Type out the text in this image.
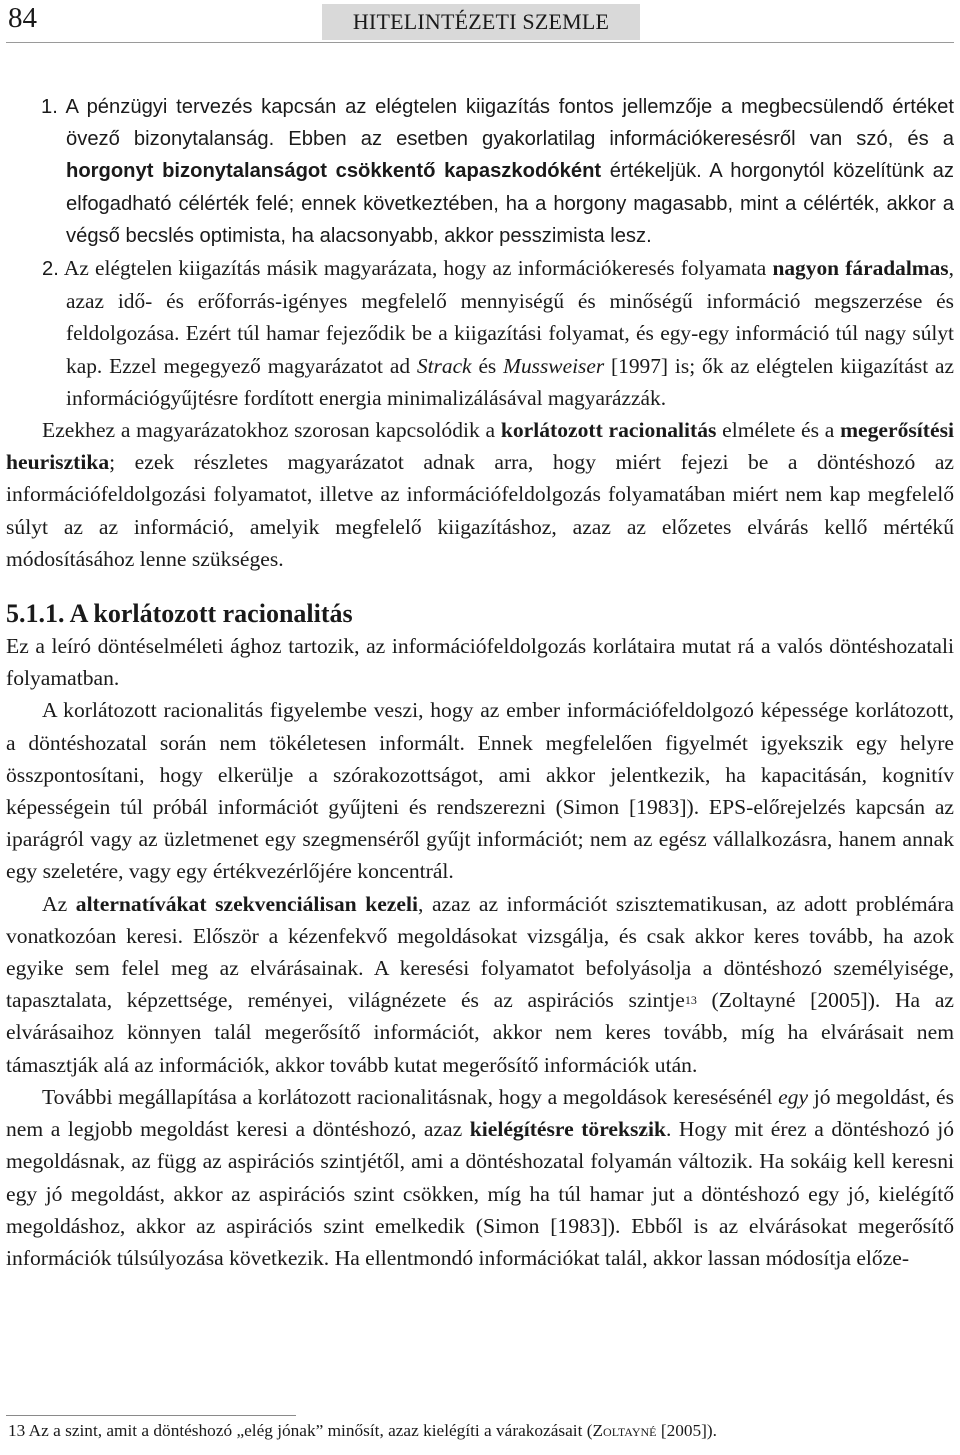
84	HITELINTÉZETI SZEMLE

1. A pénzügyi tervezés kapcsán az elégtelen kiigazítás fontos jellemzője a megbecsülendő értéket övező bizonytalanság. Ebben az esetben gyakorlatilag információkeresésről van szó, és a horgonyt bizonytalanságot csökkentő kapaszkodóként értékeljük. A horgonytól közelítünk az elfogadható célérték felé; ennek következtében, ha a horgony magasabb, mint a célérték, akkor a végső becslés optimista, ha alacsonyabb, akkor pesszimista lesz.

2. Az elégtelen kiigazítás másik magyarázata, hogy az információkeresés folyamata nagyon fáradalmas, azaz idő- és erőforrás-igényes megfelelő mennyiségű és minőségű információ megszerzése és feldolgozása. Ezért túl hamar fejeződik be a kiigazítási folyamat, és egy-egy információ túl nagy súlyt kap. Ezzel megegyező magyarázatot ad Strack és Mussweiser [1997] is; ők az elégtelen kiigazítást az információgyűjtésre fordított energia minimalizálásával magyarázzák.

Ezekhez a magyarázatokhoz szorosan kapcsolódik a korlátozott racionalitás elmélete és a megerősítési heurisztika; ezek részletes magyarázatot adnak arra, hogy miért fejezi be a döntéshozó az információfeldolgozási folyamatot, illetve az információfeldolgozás folyamatában miért nem kap megfelelő súlyt az az információ, amelyik megfelelő kiigazításhoz, azaz az előzetes elvárás kellő mértékű módosításához lenne szükséges.

5.1.1. A korlátozott racionalitás

Ez a leíró döntéselméleti ághoz tartozik, az információfeldolgozás korlátaira mutat rá a valós döntéshozatali folyamatban.

A korlátozott racionalitás figyelembe veszi, hogy az ember információfeldolgozó képessége korlátozott, a döntéshozatal során nem tökéletesen informált. Ennek megfelelően figyelmét igyekszik egy helyre összpontosítani, hogy elkerülje a szórakozottságot, ami akkor jelentkezik, ha kapacitásán, kognitív képességein túl próbál információt gyűjteni és rendszerezni (Simon [1983]). EPS-előrejelzés kapcsán az iparágról vagy az üzletmenet egy szegmenséről gyűjt információt; nem az egész vállalkozásra, hanem annak egy szeletére, vagy egy értékvezérlőjére koncentrál.

Az alternatívákat szekvenciálisan kezeli, azaz az információt szisztematikusan, az adott problémára vonatkozóan keresi. Először a kézenfekvő megoldásokat vizsgálja, és csak akkor keres tovább, ha azok egyike sem felel meg az elvárásainak. A keresési folyamatot befolyásolja a döntéshozó személyisége, tapasztalata, képzettsége, reményei, világnézete és az aspirációs szintje$^{13}$ (Zoltayné [2005]). Ha az elvárásaihoz könnyen talál megerősítő információt, akkor nem keres tovább, míg ha elvárásait nem támasztják alá az információk, akkor tovább kutat megerősítő információk után.

További megállapítása a korlátozott racionalitásnak, hogy a megoldások keresésénél egy jó megoldást, és nem a legjobb megoldást keresi a döntéshozó, azaz kielégítésre törekszik. Hogy mit érez a döntéshozó jó megoldásnak, az függ az aspirációs szintjétől, ami a döntéshozatal folyamán változik. Ha sokáig kell keresni egy jó megoldást, akkor az aspirációs szint csökken, míg ha túl hamar jut a döntéshozó egy jó, kielégítő megoldáshoz, akkor az aspirációs szint emelkedik (Simon [1983]). Ebből is az elvárásokat megerősítő információk túlsúlyozása következik. Ha ellentmondó információkat talál, akkor lassan módosítja előze-

13 Az a szint, amit a döntéshozó „elég jónak” minősít, azaz kielégíti a várakozásait (Zoltayné [2005]).
